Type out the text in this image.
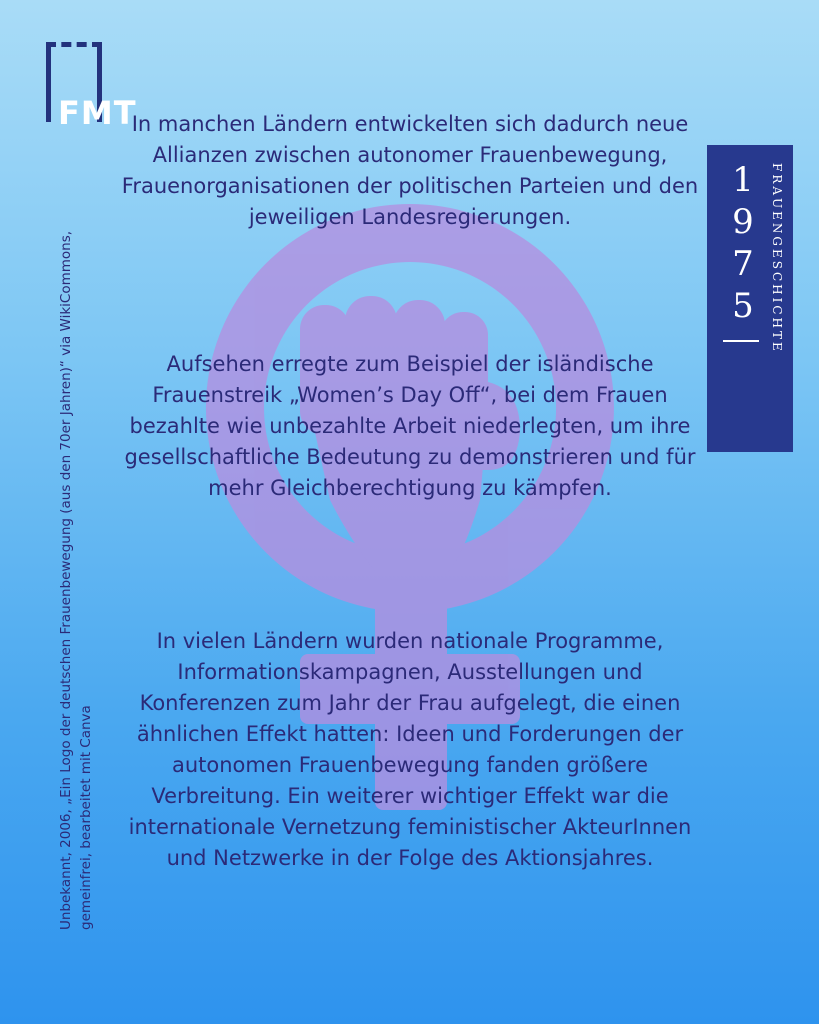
FMT

In manchen Ländern entwickelten sich dadurch neue Allianzen zwischen autonomer Frauenbewegung, Frauenorganisationen der politischen Parteien und den jeweiligen Landesregierungen.

Aufsehen erregte zum Beispiel der isländische Frauenstreik „Women’s Day Off“, bei dem Frauen bezahlte wie unbezahlte Arbeit niederlegten, um ihre gesellschaftliche Bedeutung zu demonstrieren und für mehr Gleichberechtigung zu kämpfen.

In vielen Ländern wurden nationale Programme, Informationskampagnen, Ausstellungen und Konferenzen zum Jahr der Frau aufgelegt, die einen ähnlichen Effekt hatten: Ideen und Forderungen der autonomen Frauenbewegung fanden größere Verbreitung. Ein weiterer wichtiger Effekt war die internationale Vernetzung feministischer AkteurInnen und Netzwerke in der Folge des Aktionsjahres.

1
9
7
5	FRAUENGESCHICHTE

Unbekannt, 2006, „Ein Logo der deutschen Frauenbewegung (aus den 70er Jahren)“ via WikiCommons, gemeinfrei, bearbeitet mit Canva
